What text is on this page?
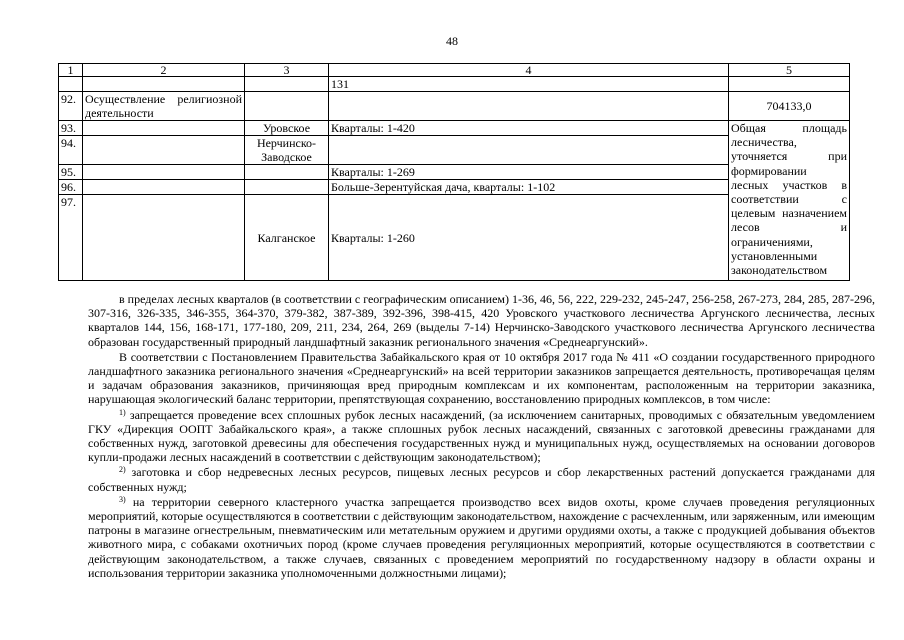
48
1	2	3	4	5
			131	
92.	Осуществление религиозной деятельности			704133,0
93.		Уровское	Кварталы: 1-420	Общая площадь лесничества, уточняется при формировании лесных участков в соответствии с целевым назначением лесов и ограничениями, установленными законодательством
94.		Нерчинско-Заводское		
95.			Кварталы: 1-269	
96.			Больше-Зерентуйская дача, кварталы: 1-102	
97.		Калганское	Кварталы: 1-260	

в пределах лесных кварталов (в соответствии с географическим описанием) 1-36, 46, 56, 222, 229-232, 245-247, 256-258, 267-273, 284, 285, 287-296, 307-316, 326-335, 346-355, 364-370, 379-382, 387-389, 392-396, 398-415, 420 Уровского участкового лесничества Аргунского лесничества, лесных кварталов 144, 156, 168-171, 177-180, 209, 211, 234, 264, 269 (выделы 7-14) Нерчинско-Заводского участкового лесничества Аргунского лесничества образован государственный природный ландшафтный заказник регионального значения «Среднеаргунский».

В соответствии с Постановлением Правительства Забайкальского края от 10 октября 2017 года № 411 «О создании государственного природного ландшафтного заказника регионального значения «Среднеаргунский» на всей территории заказников запрещается деятельность, противоречащая целям и задачам образования заказников, причиняющая вред природным комплексам и их компонентам, расположенным на территории заказника, нарушающая экологический баланс территории, препятствующая сохранению, восстановлению природных комплексов, в том числе:

$^{1)}$ запрещается проведение всех сплошных рубок лесных насаждений, (за исключением санитарных, проводимых с обязательным уведомлением ГКУ «Дирекция ООПТ Забайкальского края», а также сплошных рубок лесных насаждений, связанных с заготовкой древесины гражданами для собственных нужд, заготовкой древесины для обеспечения государственных нужд и муниципальных нужд, осуществляемых на основании договоров купли-продажи лесных насаждений в соответствии с действующим законодательством);

$^{2)}$ заготовка и сбор недревесных лесных ресурсов, пищевых лесных ресурсов и сбор лекарственных растений допускается гражданами для собственных нужд;

$^{3)}$ на территории северного кластерного участка запрещается производство всех видов охоты, кроме случаев проведения регуляционных мероприятий, которые осуществляются в соответствии с действующим законодательством, нахождение с расчехленным, или заряженным, или имеющим патроны в магазине огнестрельным, пневматическим или метательным оружием и другими орудиями охоты, а также с продукцией добывания объектов животного мира, с собаками охотничьих пород (кроме случаев проведения регуляционных мероприятий, которые осуществляются в соответствии с действующим законодательством, а также случаев, связанных с проведением мероприятий по государственному надзору в области охраны и использования территории заказника уполномоченными должностными лицами);
